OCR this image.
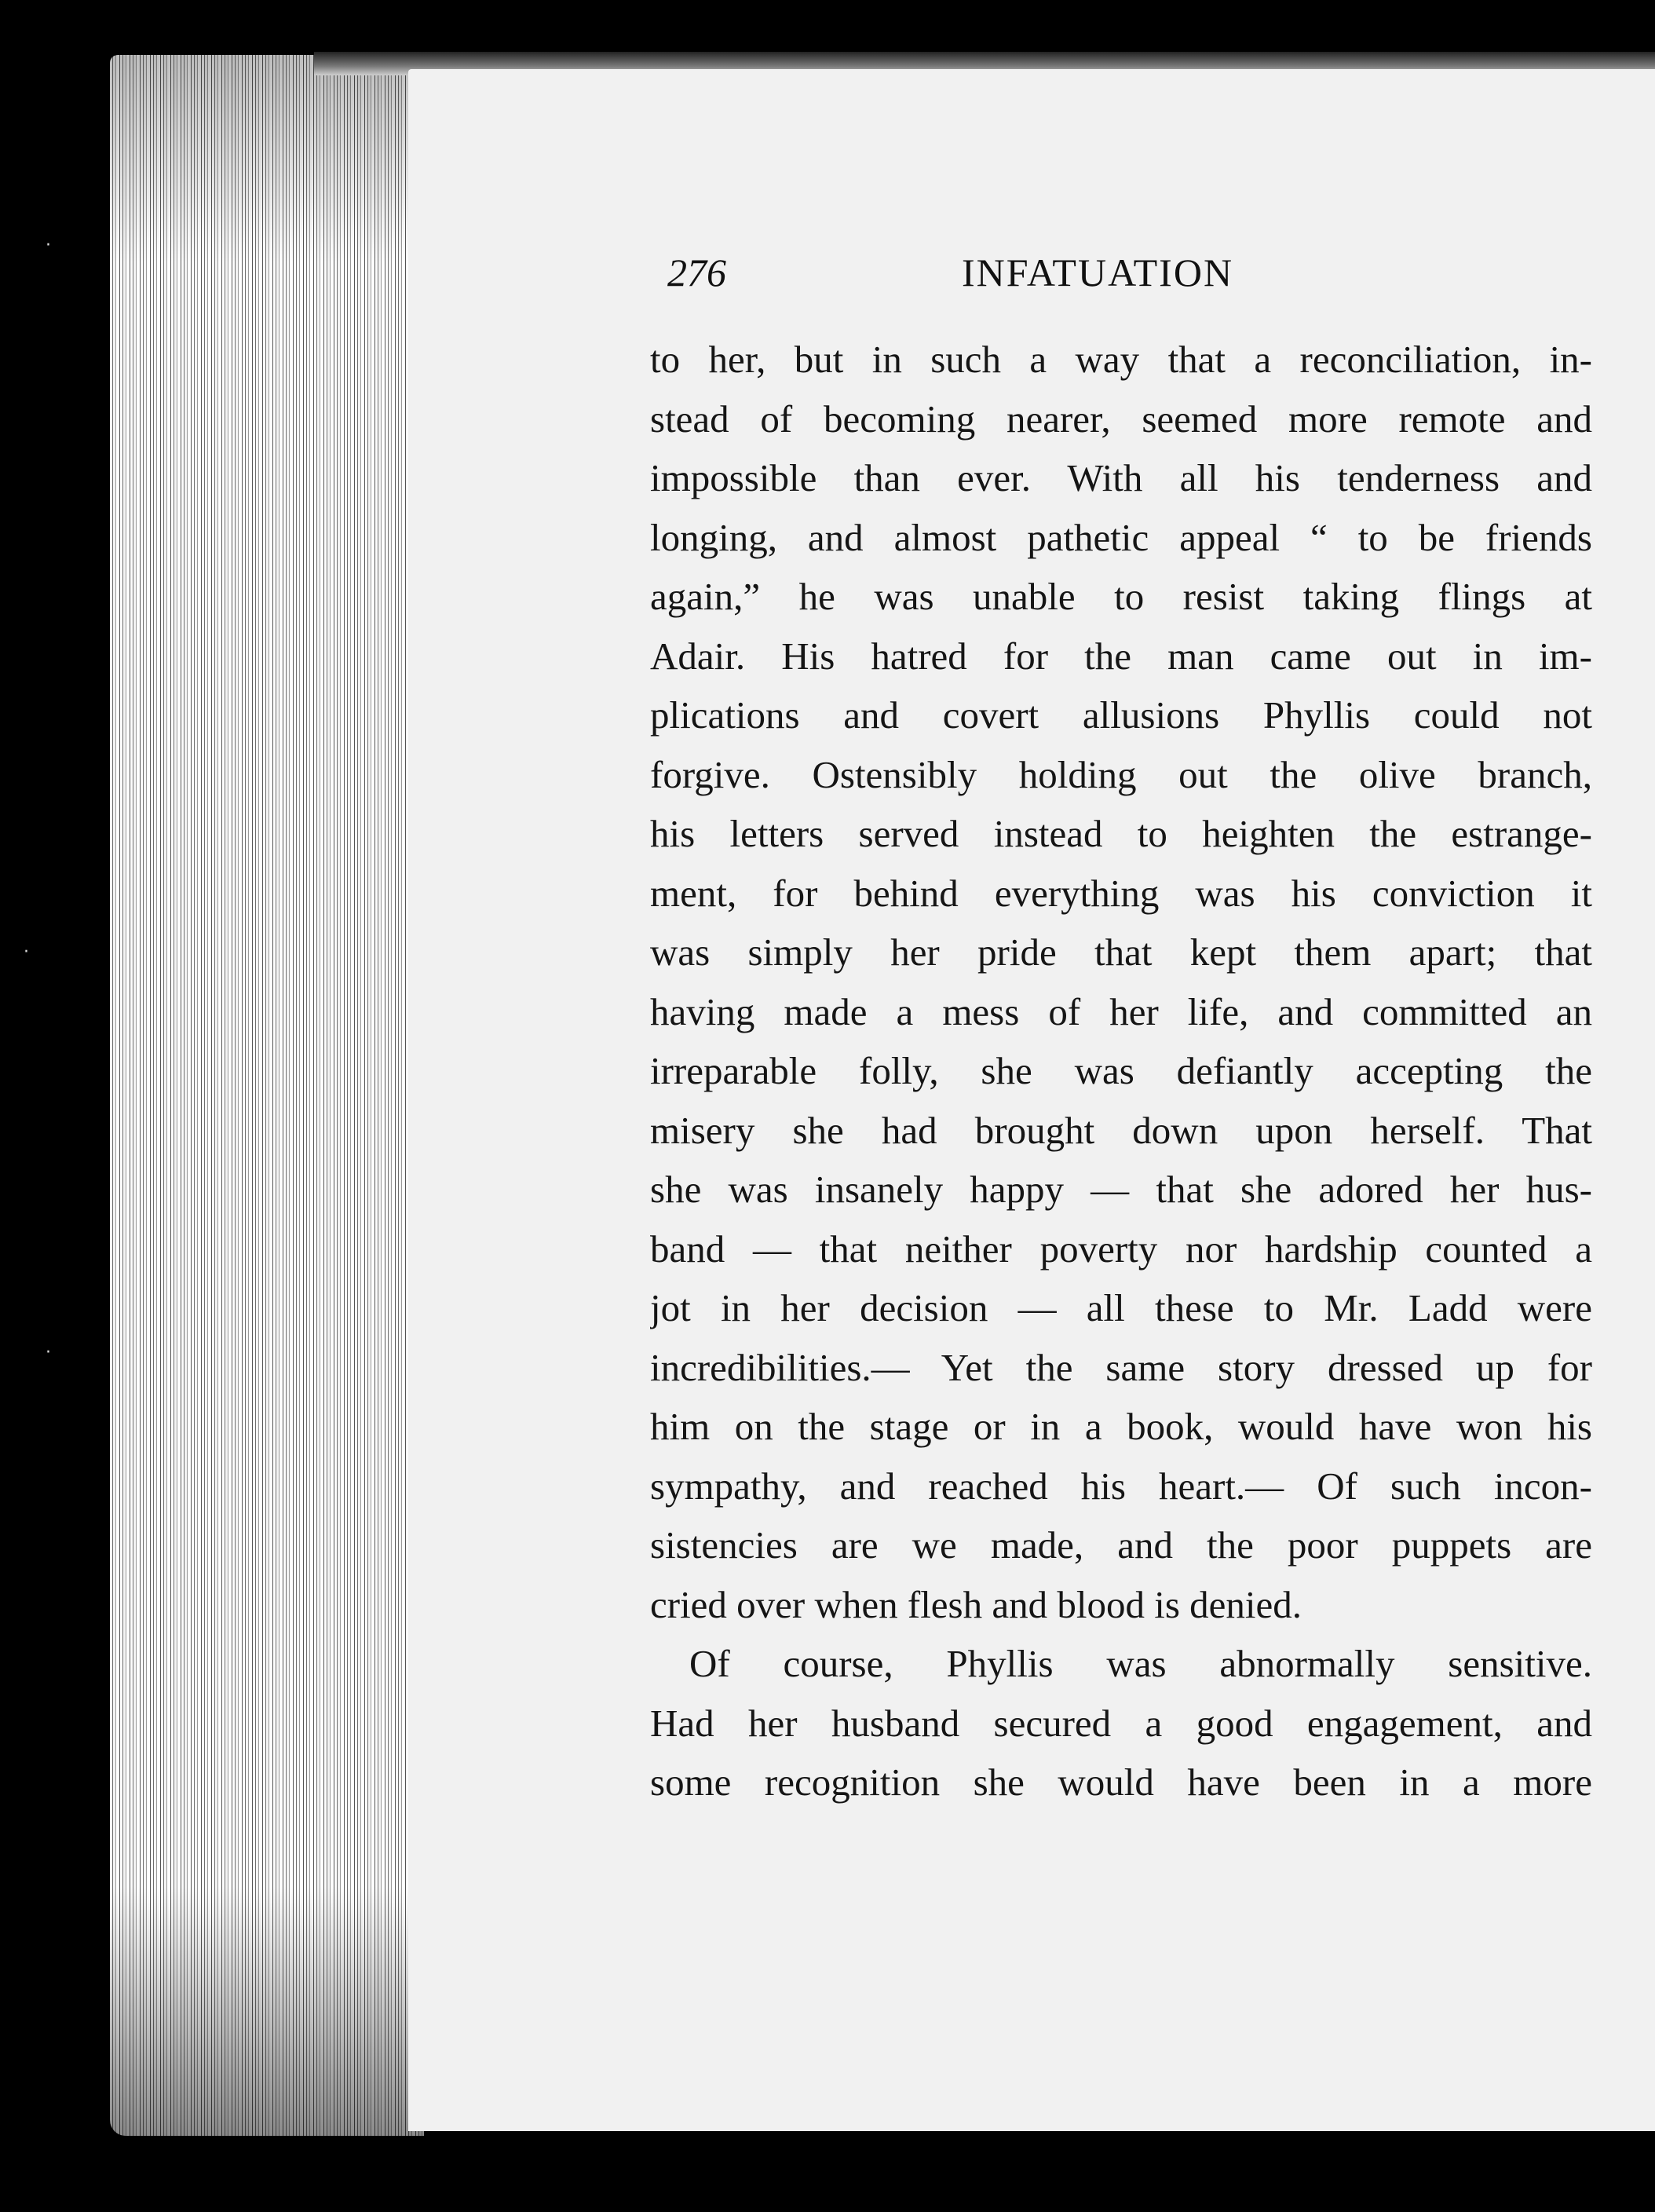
·
·
·
276	INFATUATION
to her, but in such a way that a reconciliation, in-
stead of becoming nearer, seemed more remote and
impossible than ever. With all his tenderness and
longing, and almost pathetic appeal “ to be friends
again,” he was unable to resist taking flings at
Adair. His hatred for the man came out in im-
plications and covert allusions Phyllis could not
forgive. Ostensibly holding out the olive branch,
his letters served instead to heighten the estrange-
ment, for behind everything was his conviction it
was simply her pride that kept them apart; that
having made a mess of her life, and committed an
irreparable folly, she was defiantly accepting the
misery she had brought down upon herself. That
she was insanely happy — that she adored her hus-
band — that neither poverty nor hardship counted a
jot in her decision — all these to Mr. Ladd were
incredibilities.— Yet the same story dressed up for
him on the stage or in a book, would have won his
sympathy, and reached his heart.— Of such incon-
sistencies are we made, and the poor puppets are
cried over when flesh and blood is denied.
Of course, Phyllis was abnormally sensitive.
Had her husband secured a good engagement, and
some recognition she would have been in a more
